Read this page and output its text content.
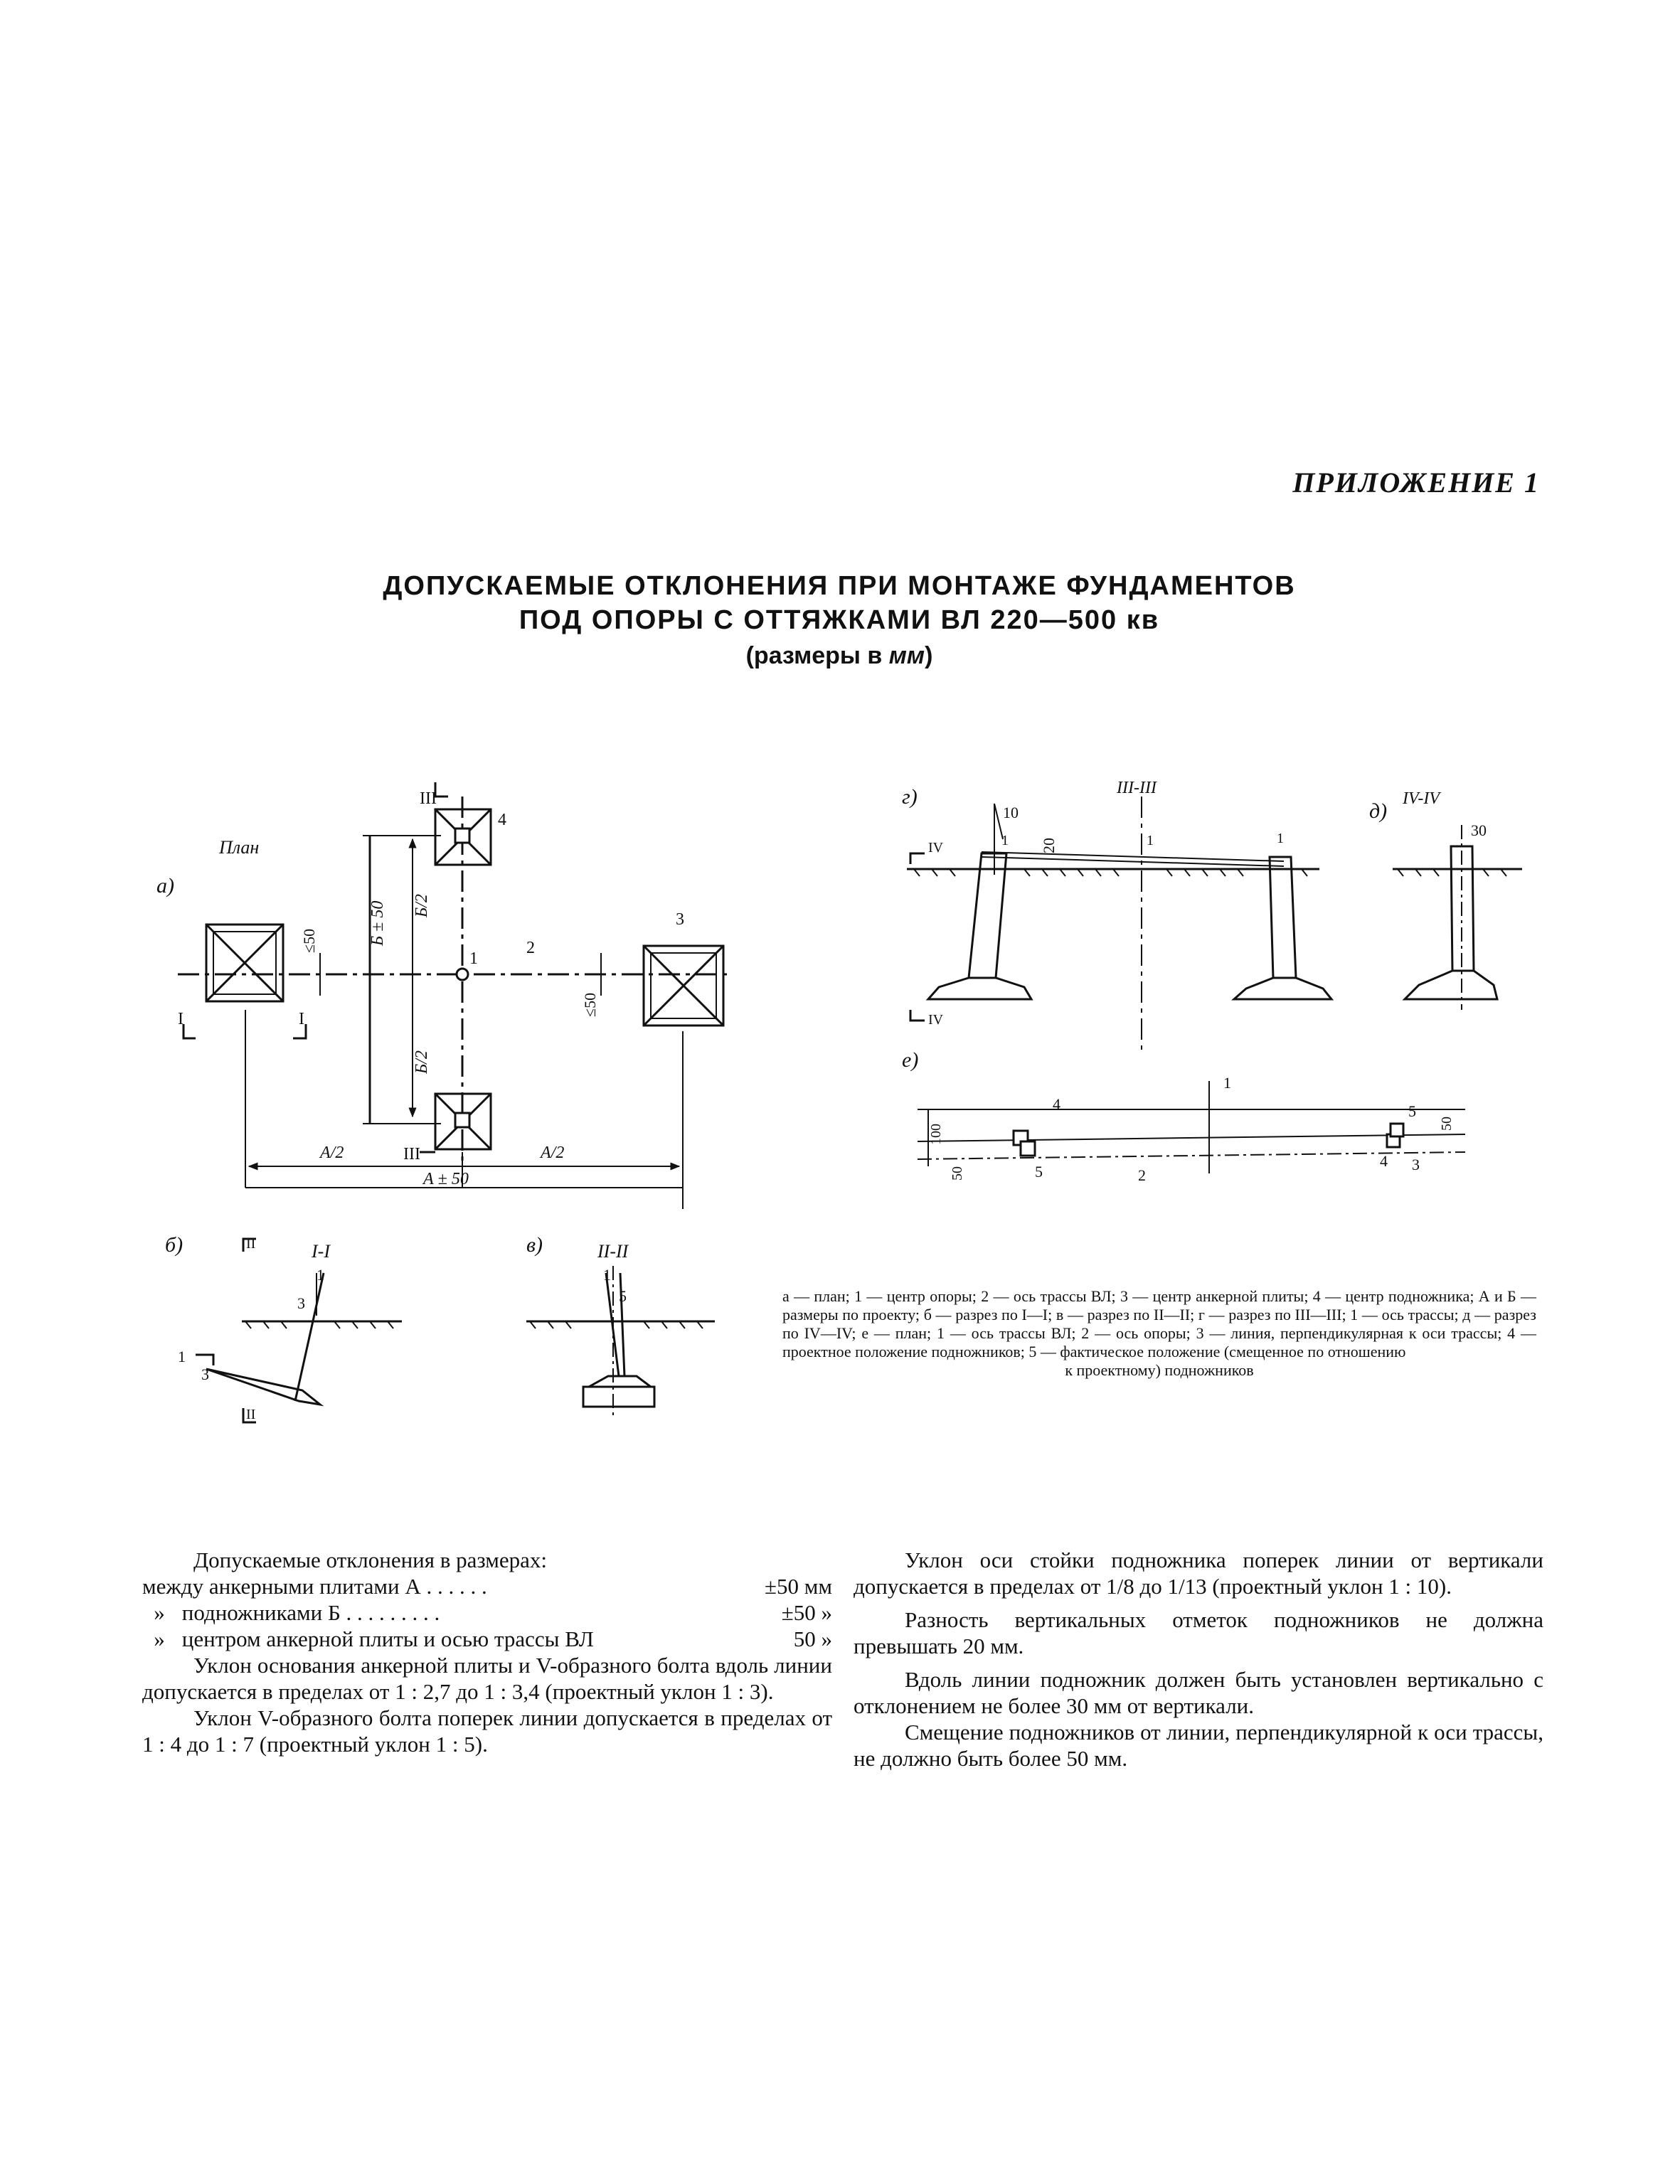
ПРИЛОЖЕНИЕ 1
ДОПУСКАЕМЫЕ ОТКЛОНЕНИЯ ПРИ МОНТАЖЕ ФУНДАМЕНТОВ
ПОД ОПОРЫ С ОТТЯЖКАМИ ВЛ 220—500 кв
(размеры в мм)
План
а)
б)	в)
г)
д)
е)
III
III
I	I
4
1
2
3
А/2	А/2
А ± 50
Б ± 50 Б/2
Б/2
≤50
≤50
I-I
1
3
1
3
II
II
II-II
1
5
III-III
10
20
1	1	1
IV
IV
IV-IV
30
1
2
3
4
4
5
5
100
50
50
а — план; 1 — центр опоры; 2 — ось трассы ВЛ; 3 — центр анкерной плиты; 4 — центр подножника; А и Б — размеры по проекту; б — разрез по I—I; в — разрез по II—II; г — разрез по III—III; 1 — ось трассы; д — разрез по IV—IV; е — план; 1 — ось трассы ВЛ; 2 — ось опоры; 3 — линия, перпендикулярная к оси трассы; 4 — проектное положение подножников; 5 — фактическое положение (смещенное по отношению
к проектному) подножников

Допускаемые отклонения в размерах:

между анкерными плитами А . . . . . .	±50 мм
» подножниками Б . . . . . . . . .	±50 »
» центром анкерной плиты и осью трассы ВЛ	50 »

Уклон основания анкерной плиты и V-образного болта вдоль линии допускается в пределах от 1 : 2,7 до 1 : 3,4 (проектный уклон 1 : 3).

Уклон V-образного болта поперек линии допускается в пределах от 1 : 4 до 1 : 7 (проектный уклон 1 : 5).

Уклон оси стойки подножника поперек линии от вертикали допускается в пределах от 1/8 до 1/13 (проектный уклон 1 : 10).

Разность вертикальных отметок подножников не должна превышать 20 мм.

Вдоль линии подножник должен быть установлен вертикально с отклонением не более 30 мм от вертикали.

Смещение подножников от линии, перпендикулярной к оси трассы, не должно быть более 50 мм.
